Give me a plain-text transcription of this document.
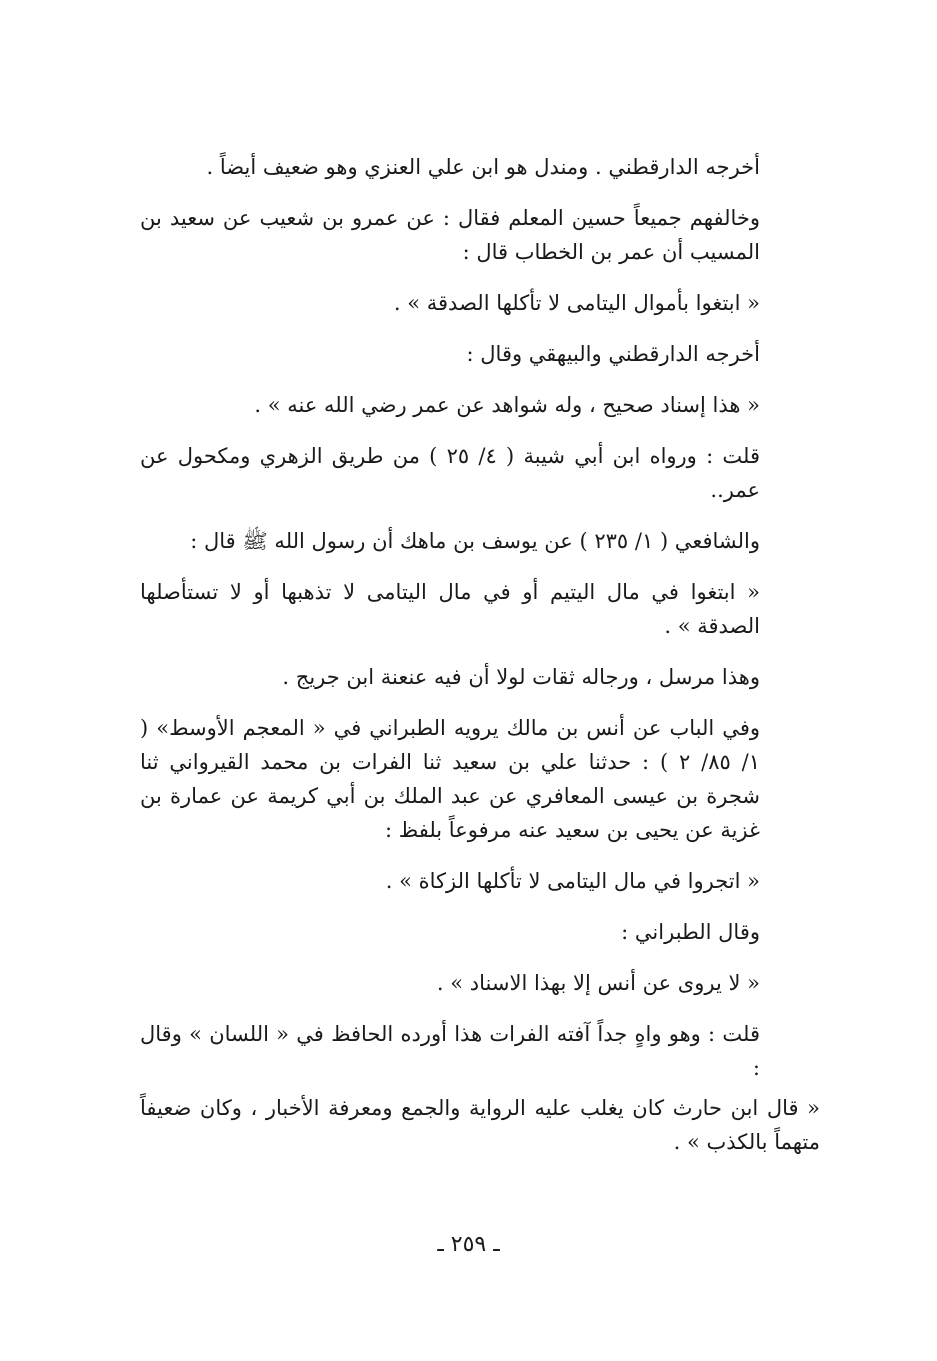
أخرجه الدارقطني . ومندل هو ابن علي العنزي وهو ضعيف أيضاً .

وخالفهم جميعاً حسين المعلم فقال : عن عمرو بن شعيب عن سعيد بن المسيب أن عمر بن الخطاب قال :

« ابتغوا بأموال اليتامى لا تأكلها الصدقة » .

أخرجه الدارقطني والبيهقي وقال :

« هذا إسناد صحيح ، وله شواهد عن عمر رضي الله عنه » .

قلت : ورواه ابن أبي شيبة ( ٤/ ٢٥ ) من طريق الزهري ومكحول عن عمر..

والشافعي ( ١/ ٢٣٥ ) عن يوسف بن ماهك أن رسول الله ﷺ قال :

« ابتغوا في مال اليتيم أو في مال اليتامى لا تذهبها أو لا تستأصلها الصدقة » .

وهذا مرسل ، ورجاله ثقات لولا أن فيه عنعنة ابن جريج .

وفي الباب عن أنس بن مالك يرويه الطبراني في « المعجم الأوسط» ( ١/ ٨٥/ ٢ ) : حدثنا علي بن سعيد ثنا الفرات بن محمد القيرواني ثنا شجرة بن عيسى المعافري عن عبد الملك بن أبي كريمة عن عمارة بن غزية عن يحيى بن سعيد عنه مرفوعاً بلفظ :

« اتجروا في مال اليتامى لا تأكلها الزكاة » .

وقال الطبراني :

« لا يروى عن أنس إلا بهذا الاسناد » .

قلت : وهو واهٍ جداً آفته الفرات هذا أورده الحافظ في « اللسان » وقال :

« قال ابن حارث كان يغلب عليه الرواية والجمع ومعرفة الأخبار ، وكان ضعيفاً متهماً بالكذب » .

ـ ٢٥٩ ـ
